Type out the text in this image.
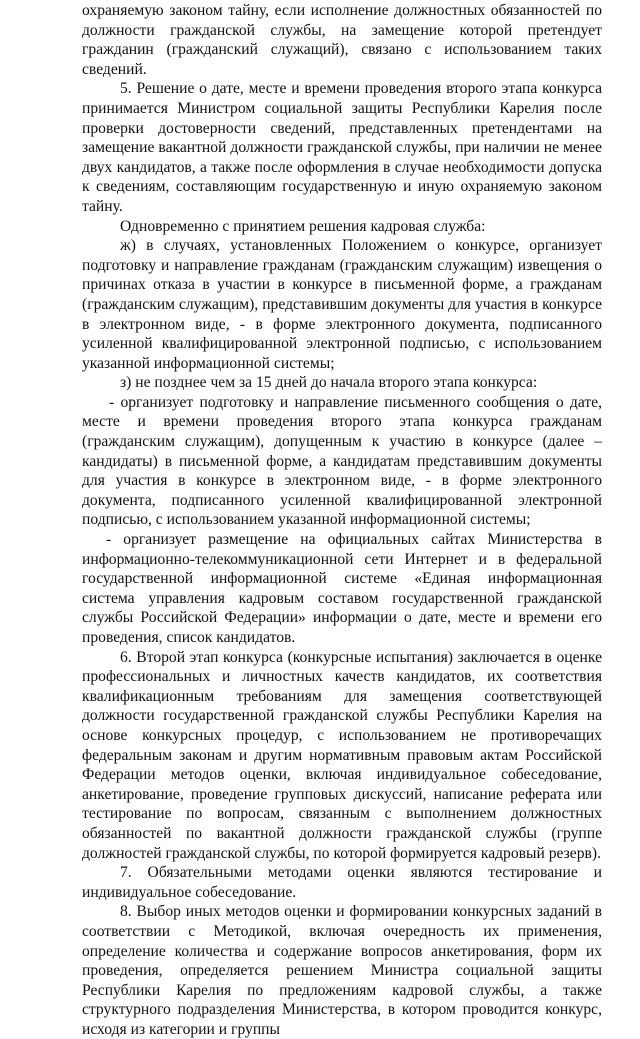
охраняемую законом тайну, если исполнение должностных обязанностей по должности гражданской службы, на замещение которой претендует гражданин (гражданский служащий), связано с использованием таких сведений.

5. Решение о дате, месте и времени проведения второго этапа конкурса принимается Министром социальной защиты Республики Карелия после проверки достоверности сведений, представленных претендентами на замещение вакантной должности гражданской службы, при наличии не менее двух кандидатов, а также после оформления в случае необходимости допуска к сведениям, составляющим государственную и иную охраняемую законом тайну.

Одновременно с принятием решения кадровая служба:

ж) в случаях, установленных Положением о конкурсе, организует подготовку и направление гражданам (гражданским служащим) извещения о причинах отказа в участии в конкурсе в письменной форме, а гражданам (гражданским служащим), представившим документы для участия в конкурсе в электронном виде, - в форме электронного документа, подписанного усиленной квалифицированной электронной подписью, с использованием указанной информационной системы;

з) не позднее чем за 15 дней до начала второго этапа конкурса:

- организует подготовку и направление письменного сообщения о дате, месте и времени проведения второго этапа конкурса гражданам (гражданским служащим), допущенным к участию в конкурсе (далее – кандидаты) в письменной форме, а кандидатам представившим документы для участия в конкурсе в электронном виде, - в форме электронного документа, подписанного усиленной квалифицированной электронной подписью, с использованием указанной информационной системы;

- организует размещение на официальных сайтах Министерства в информационно-телекоммуникационной сети Интернет и в федеральной государственной информационной системе «Единая информационная система управления кадровым составом государственной гражданской службы Российской Федерации» информации о дате, месте и времени его проведения, список кандидатов.

6. Второй этап конкурса (конкурсные испытания) заключается в оценке профессиональных и личностных качеств кандидатов, их соответствия квалификационным требованиям для замещения соответствующей должности государственной гражданской службы Республики Карелия на основе конкурсных процедур, с использованием не противоречащих федеральным законам и другим нормативным правовым актам Российской Федерации методов оценки, включая индивидуальное собеседование, анкетирование, проведение групповых дискуссий, написание реферата или тестирование по вопросам, связанным с выполнением должностных обязанностей по вакантной должности гражданской службы (группе должностей гражданской службы, по которой формируется кадровый резерв).

7. Обязательными методами оценки являются тестирование и индивидуальное собеседование.

8. Выбор иных методов оценки и формировании конкурсных заданий в соответствии с Методикой, включая очередность их применения, определение количества и содержание вопросов анкетирования, форм их проведения, определяется решением Министра социальной защиты Республики Карелия по предложениям кадровой службы, а также структурного подразделения Министерства, в котором проводится конкурс, исходя из категории и группы
